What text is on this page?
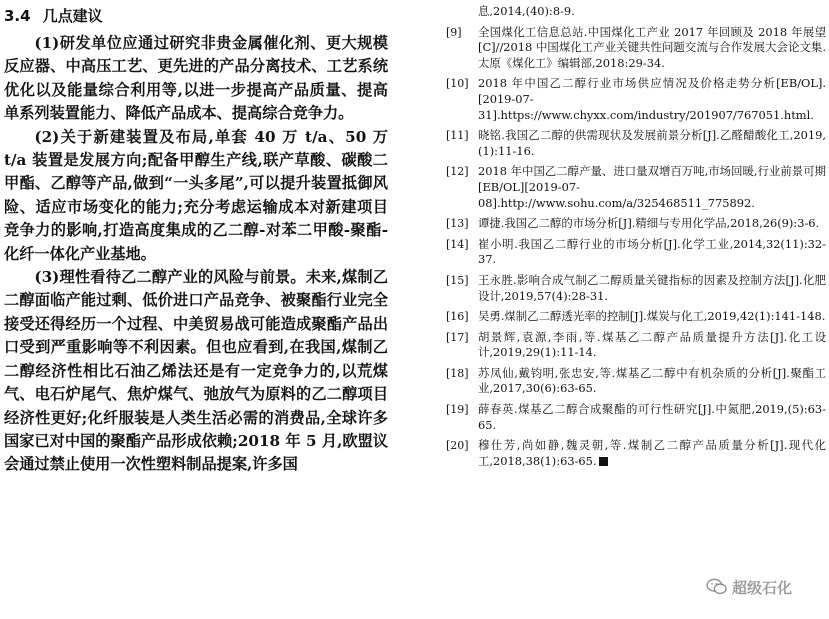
3.4 几点建议

(1)研发单位应通过研究非贵金属催化剂、更大规模反应器、中高压工艺、更先进的产品分离技术、工艺系统优化以及能量综合利用等,以进一步提高产品质量、提高单系列装置能力、降低产品成本、提高综合竞争力。

(2)关于新建装置及布局,单套 40 万 t/a、50 万 t/a 装置是发展方向;配备甲醇生产线,联产草酸、碳酸二甲酯、乙醇等产品,做到“一头多尾”,可以提升装置抵御风险、适应市场变化的能力;充分考虑运输成本对新建项目竞争力的影响,打造高度集成的乙二醇-对苯二甲酸-聚酯-化纤一体化产业基地。

(3)理性看待乙二醇产业的风险与前景。未来,煤制乙二醇面临产能过剩、低价进口产品竞争、被聚酯行业完全接受还得经历一个过程、中美贸易战可能造成聚酯产品出口受到严重影响等不利因素。但也应看到,在我国,煤制乙二醇经济性相比石油乙烯法还是有一定竞争力的,以荒煤气、电石炉尾气、焦炉煤气、弛放气为原料的乙二醇项目经济性更好;化纤服装是人类生活必需的消费品,全球许多国家已对中国的聚酯产品形成依赖;2018 年 5 月,欧盟议会通过禁止使用一次性塑料制品提案,许多国

息,2014,(40):8-9.
[9] 全国煤化工信息总站.中国煤化工产业 2017 年回顾及 2018 年展望[C]//2018 中国煤化工产业关键共性问题交流与合作发展大会论文集.太原《煤化工》编辑部,2018:29-34.
[10] 2018 年中国乙二醇行业市场供应情况及价格走势分析[EB/OL].[2019-07-31].https://www.chyxx.com/industry/201907/767051.html.
[11] 晓铭.我国乙二醇的供需现状及发展前景分析[J].乙醛醋酸化工,2019,(1):11-16.
[12] 2018 年中国乙二醇产量、进口量双增百万吨,市场回暖,行业前景可期[EB/OL][2019-07-08].http://www.sohu.com/a/325468511_775892.
[13] 谭捷.我国乙二醇的市场分析[J].精细与专用化学品,2018,26(9):3-6.
[14] 崔小明.我国乙二醇行业的市场分析[J].化学工业,2014,32(11):32-37.
[15] 王永胜.影响合成气制乙二醇质量关键指标的因素及控制方法[J].化肥设计,2019,57(4):28-31.
[16] 吴勇.煤制乙二醇透光率的控制[J].煤炭与化工,2019,42(1):141-148.
[17] 胡景辉,袁源,李雨,等.煤基乙二醇产品质量提升方法[J].化工设计,2019,29(1):11-14.
[18] 苏凤仙,戴钧明,张忠安,等.煤基乙二醇中有机杂质的分析[J].聚酯工业,2017,30(6):63-65.
[19] 薛春英.煤基乙二醇合成聚酯的可行性研究[J].中氮肥,2019,(5):63-65.
[20] 穆仕芳,尚如静,魏灵朝,等.煤制乙二醇产品质量分析[J].现代化工,2018,38(1):63-65.
超级石化
